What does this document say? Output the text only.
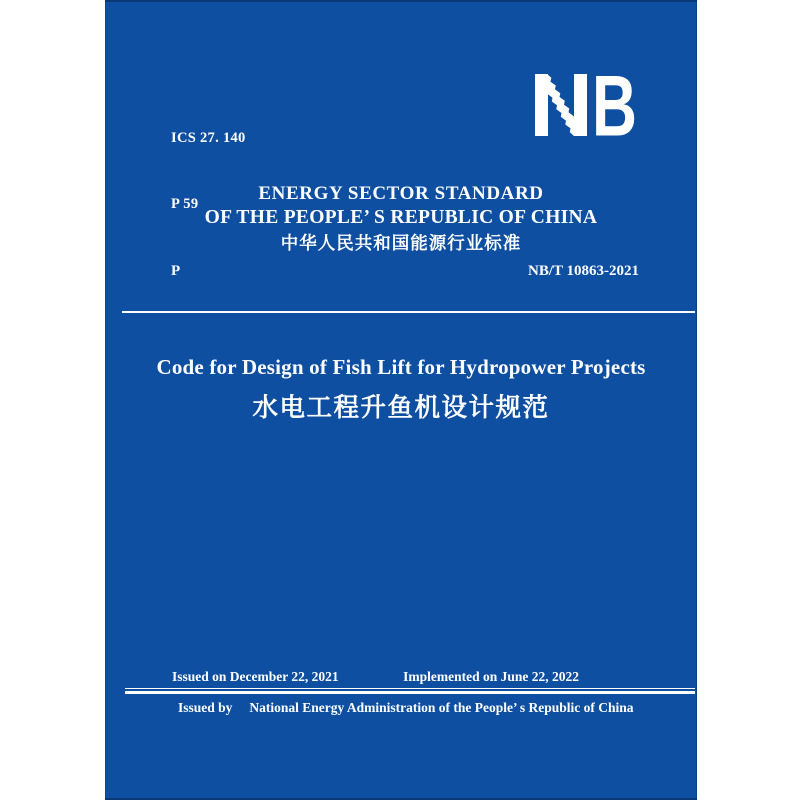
ICS 27. 140

P 59

B
ENERGY SECTOR STANDARD
OF THE PEOPLE’ S REPUBLIC OF CHINA
中华人民共和国能源行业标准
P	NB/T 10863-2021
Code for Design of Fish Lift for Hydropower Projects
水电工程升鱼机设计规范
Issued on December 22, 2021	Implemented on June 22, 2022
Issued by National Energy Administration of the People’ s Republic of China
